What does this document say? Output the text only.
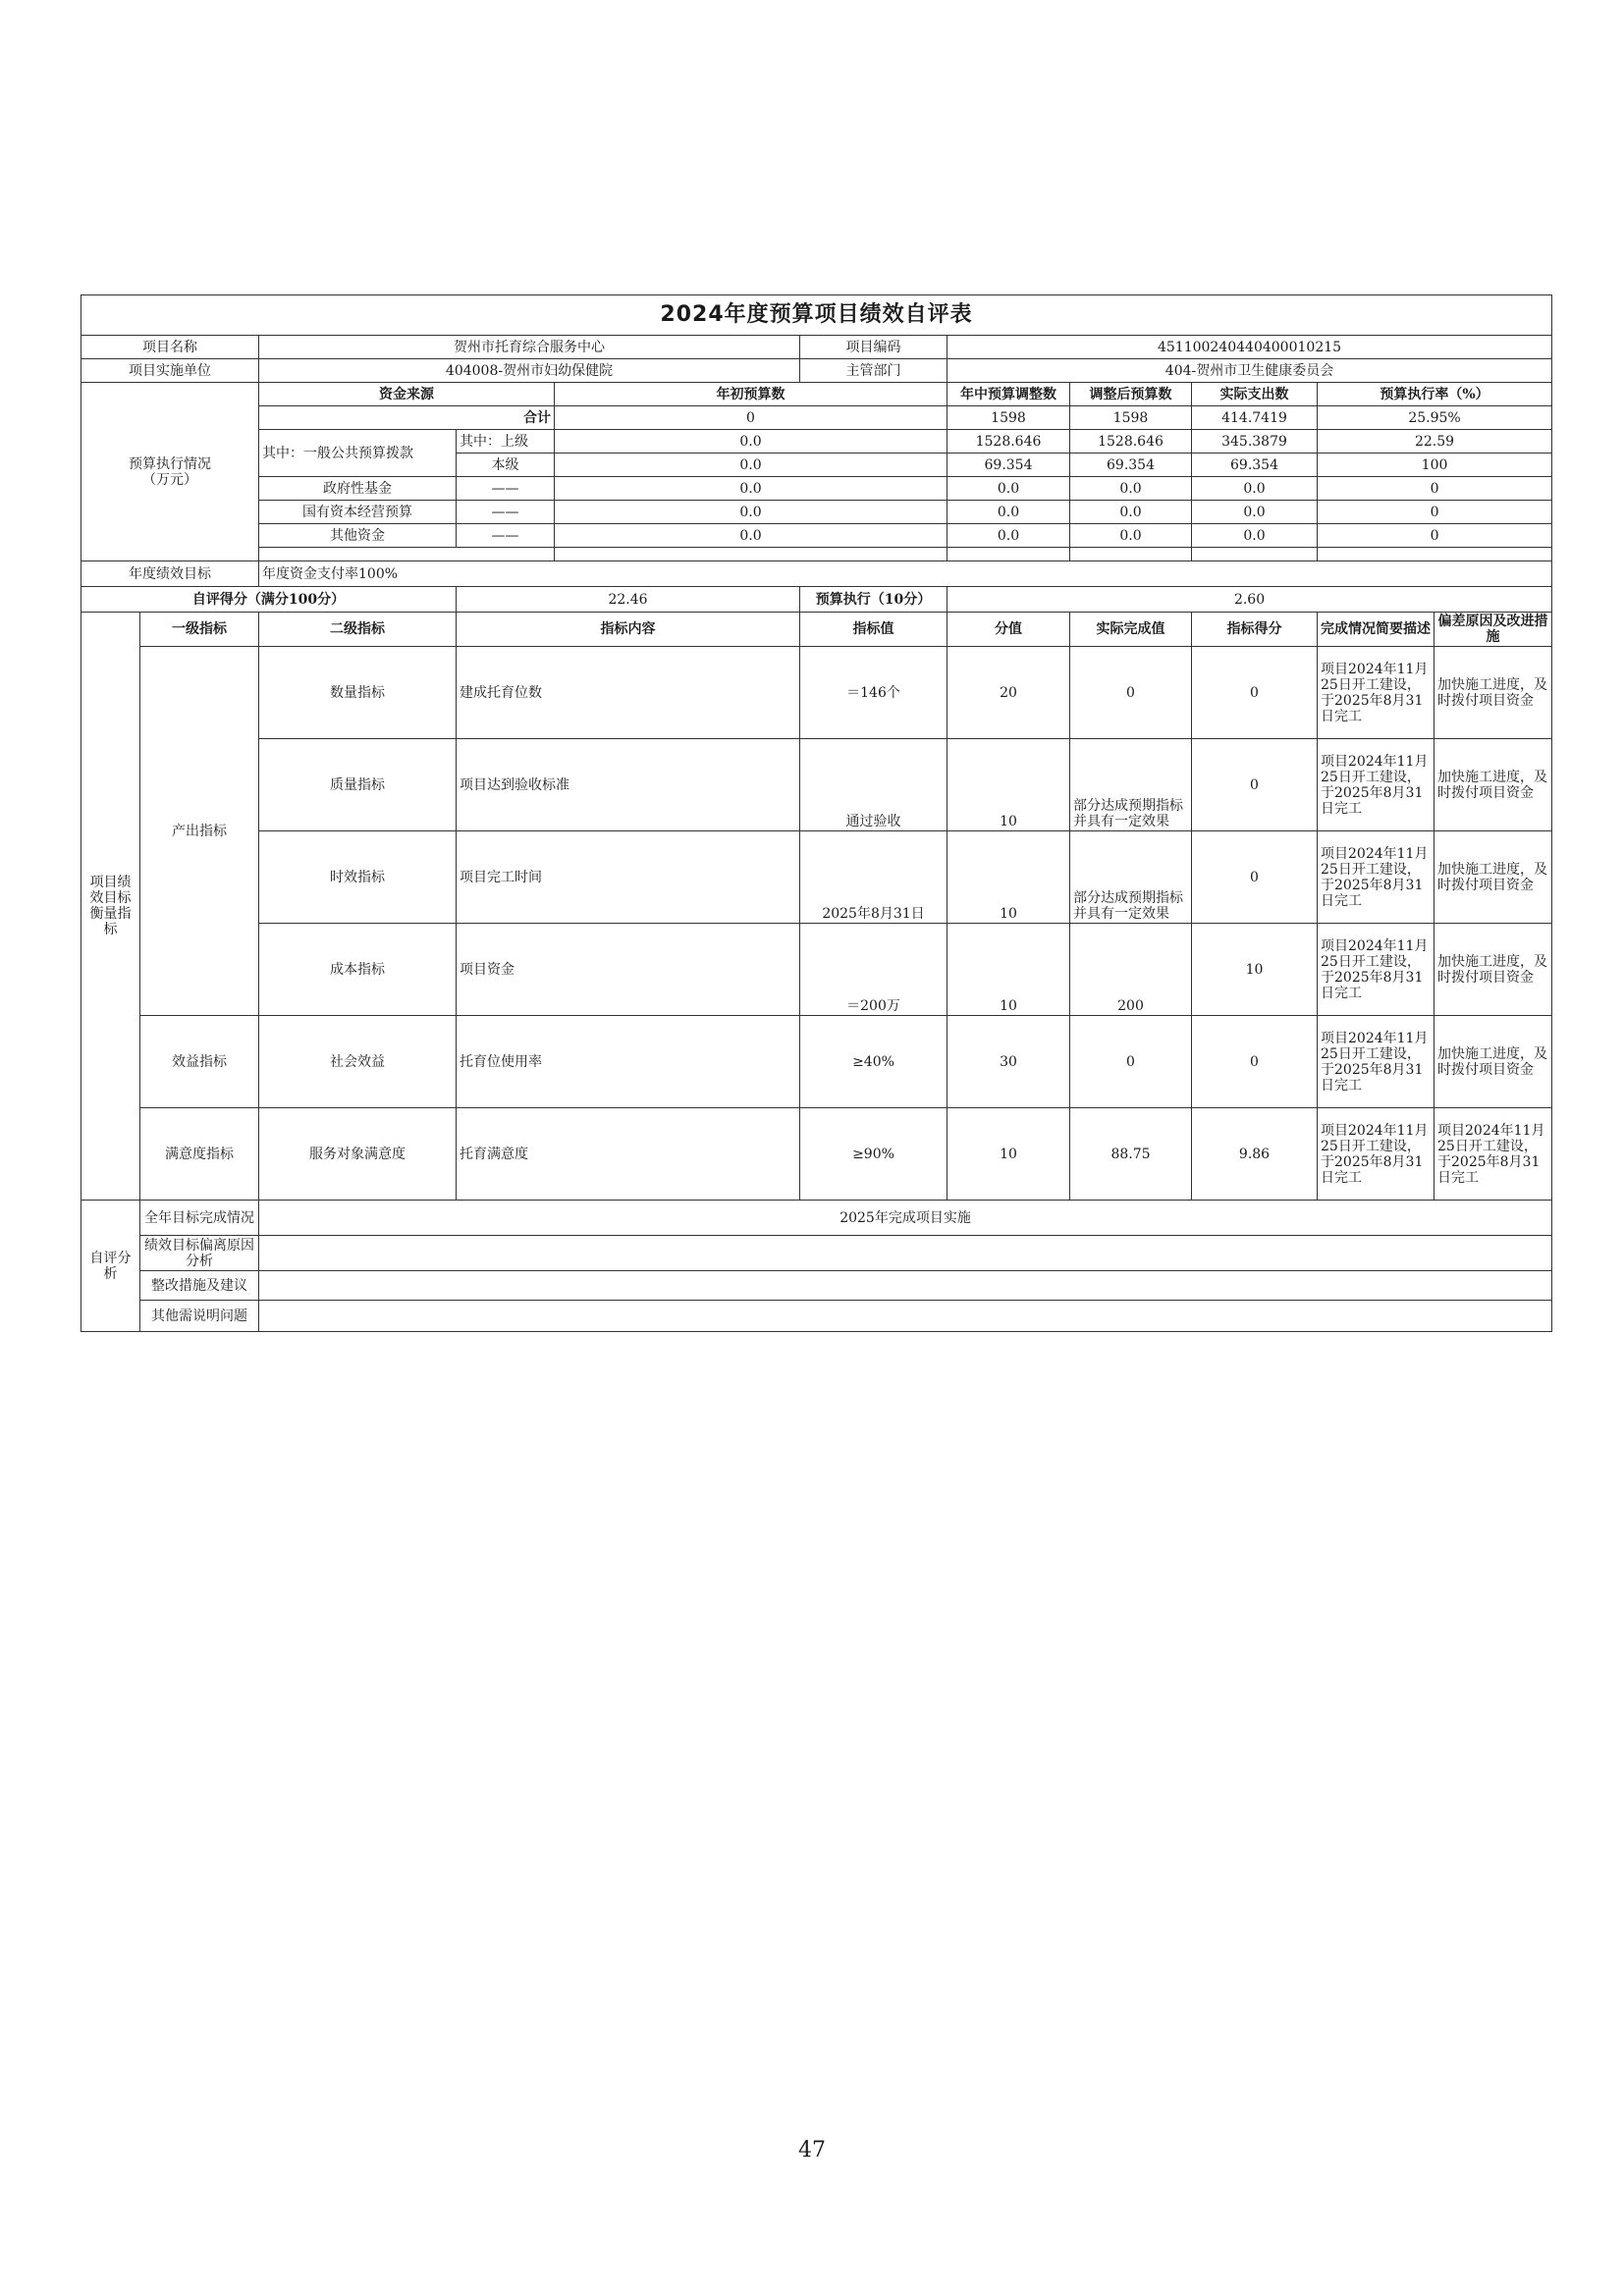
2024年度预算项目绩效自评表										
项目名称		贺州市托育综合服务中心			项目编码	451100240440400010215				
项目实施单位		404008-贺州市妇幼保健院			主管部门	404-贺州市卫生健康委员会				
预算执行情况
（万元）		资金来源		年初预算数		年中预算调整数	调整后预算数	实际支出数	预算执行率（%）	
		合计		0		1598	1598	414.7419	25.95%	
		其中：一般公共预算拨款	其中：上级	0.0		1528.646	1528.646	345.3879	22.59	
			本级	0.0		69.354	69.354	69.354	100	
		政府性基金	——	0.0		0.0	0.0	0.0	0	
		国有资本经营预算	——	0.0		0.0	0.0	0.0	0	
		其他资金	——	0.0		0.0	0.0	0.0	0	

年度绩效目标		年度资金支付率100%								
自评得分（满分100分）			22.46		预算执行（10分）	2.60				
项目绩效目标衡量指标	一级指标	二级指标	指标内容		指标值	分值	实际完成值	指标得分	完成情况简要描述	偏差原因及改进措施
	产出指标	数量指标	建成托育位数		＝146个	20	0	0	项目2024年11月25日开工建设，于2025年8月31日完工	加快施工进度，及时拨付项目资金
		质量指标	项目达到验收标准		通过验收	10	部分达成预期指标并具有一定效果	0	项目2024年11月25日开工建设，于2025年8月31日完工	加快施工进度，及时拨付项目资金
		时效指标	项目完工时间		2025年8月31日	10	部分达成预期指标并具有一定效果	0	项目2024年11月25日开工建设，于2025年8月31日完工	加快施工进度，及时拨付项目资金
		成本指标	项目资金		＝200万	10	200	10	项目2024年11月25日开工建设，于2025年8月31日完工	加快施工进度，及时拨付项目资金
	效益指标	社会效益	托育位使用率		≥40%	30	0	0	项目2024年11月25日开工建设，于2025年8月31日完工	加快施工进度，及时拨付项目资金
	满意度指标	服务对象满意度	托育满意度		≥90%	10	88.75	9.86	项目2024年11月25日开工建设，于2025年8月31日完工	项目2024年11月25日开工建设，于2025年8月31日完工
自评分析	全年目标完成情况	2025年完成项目实施								
	绩效目标偏离原因分析									
	整改措施及建议									
	其他需说明问题									
47
